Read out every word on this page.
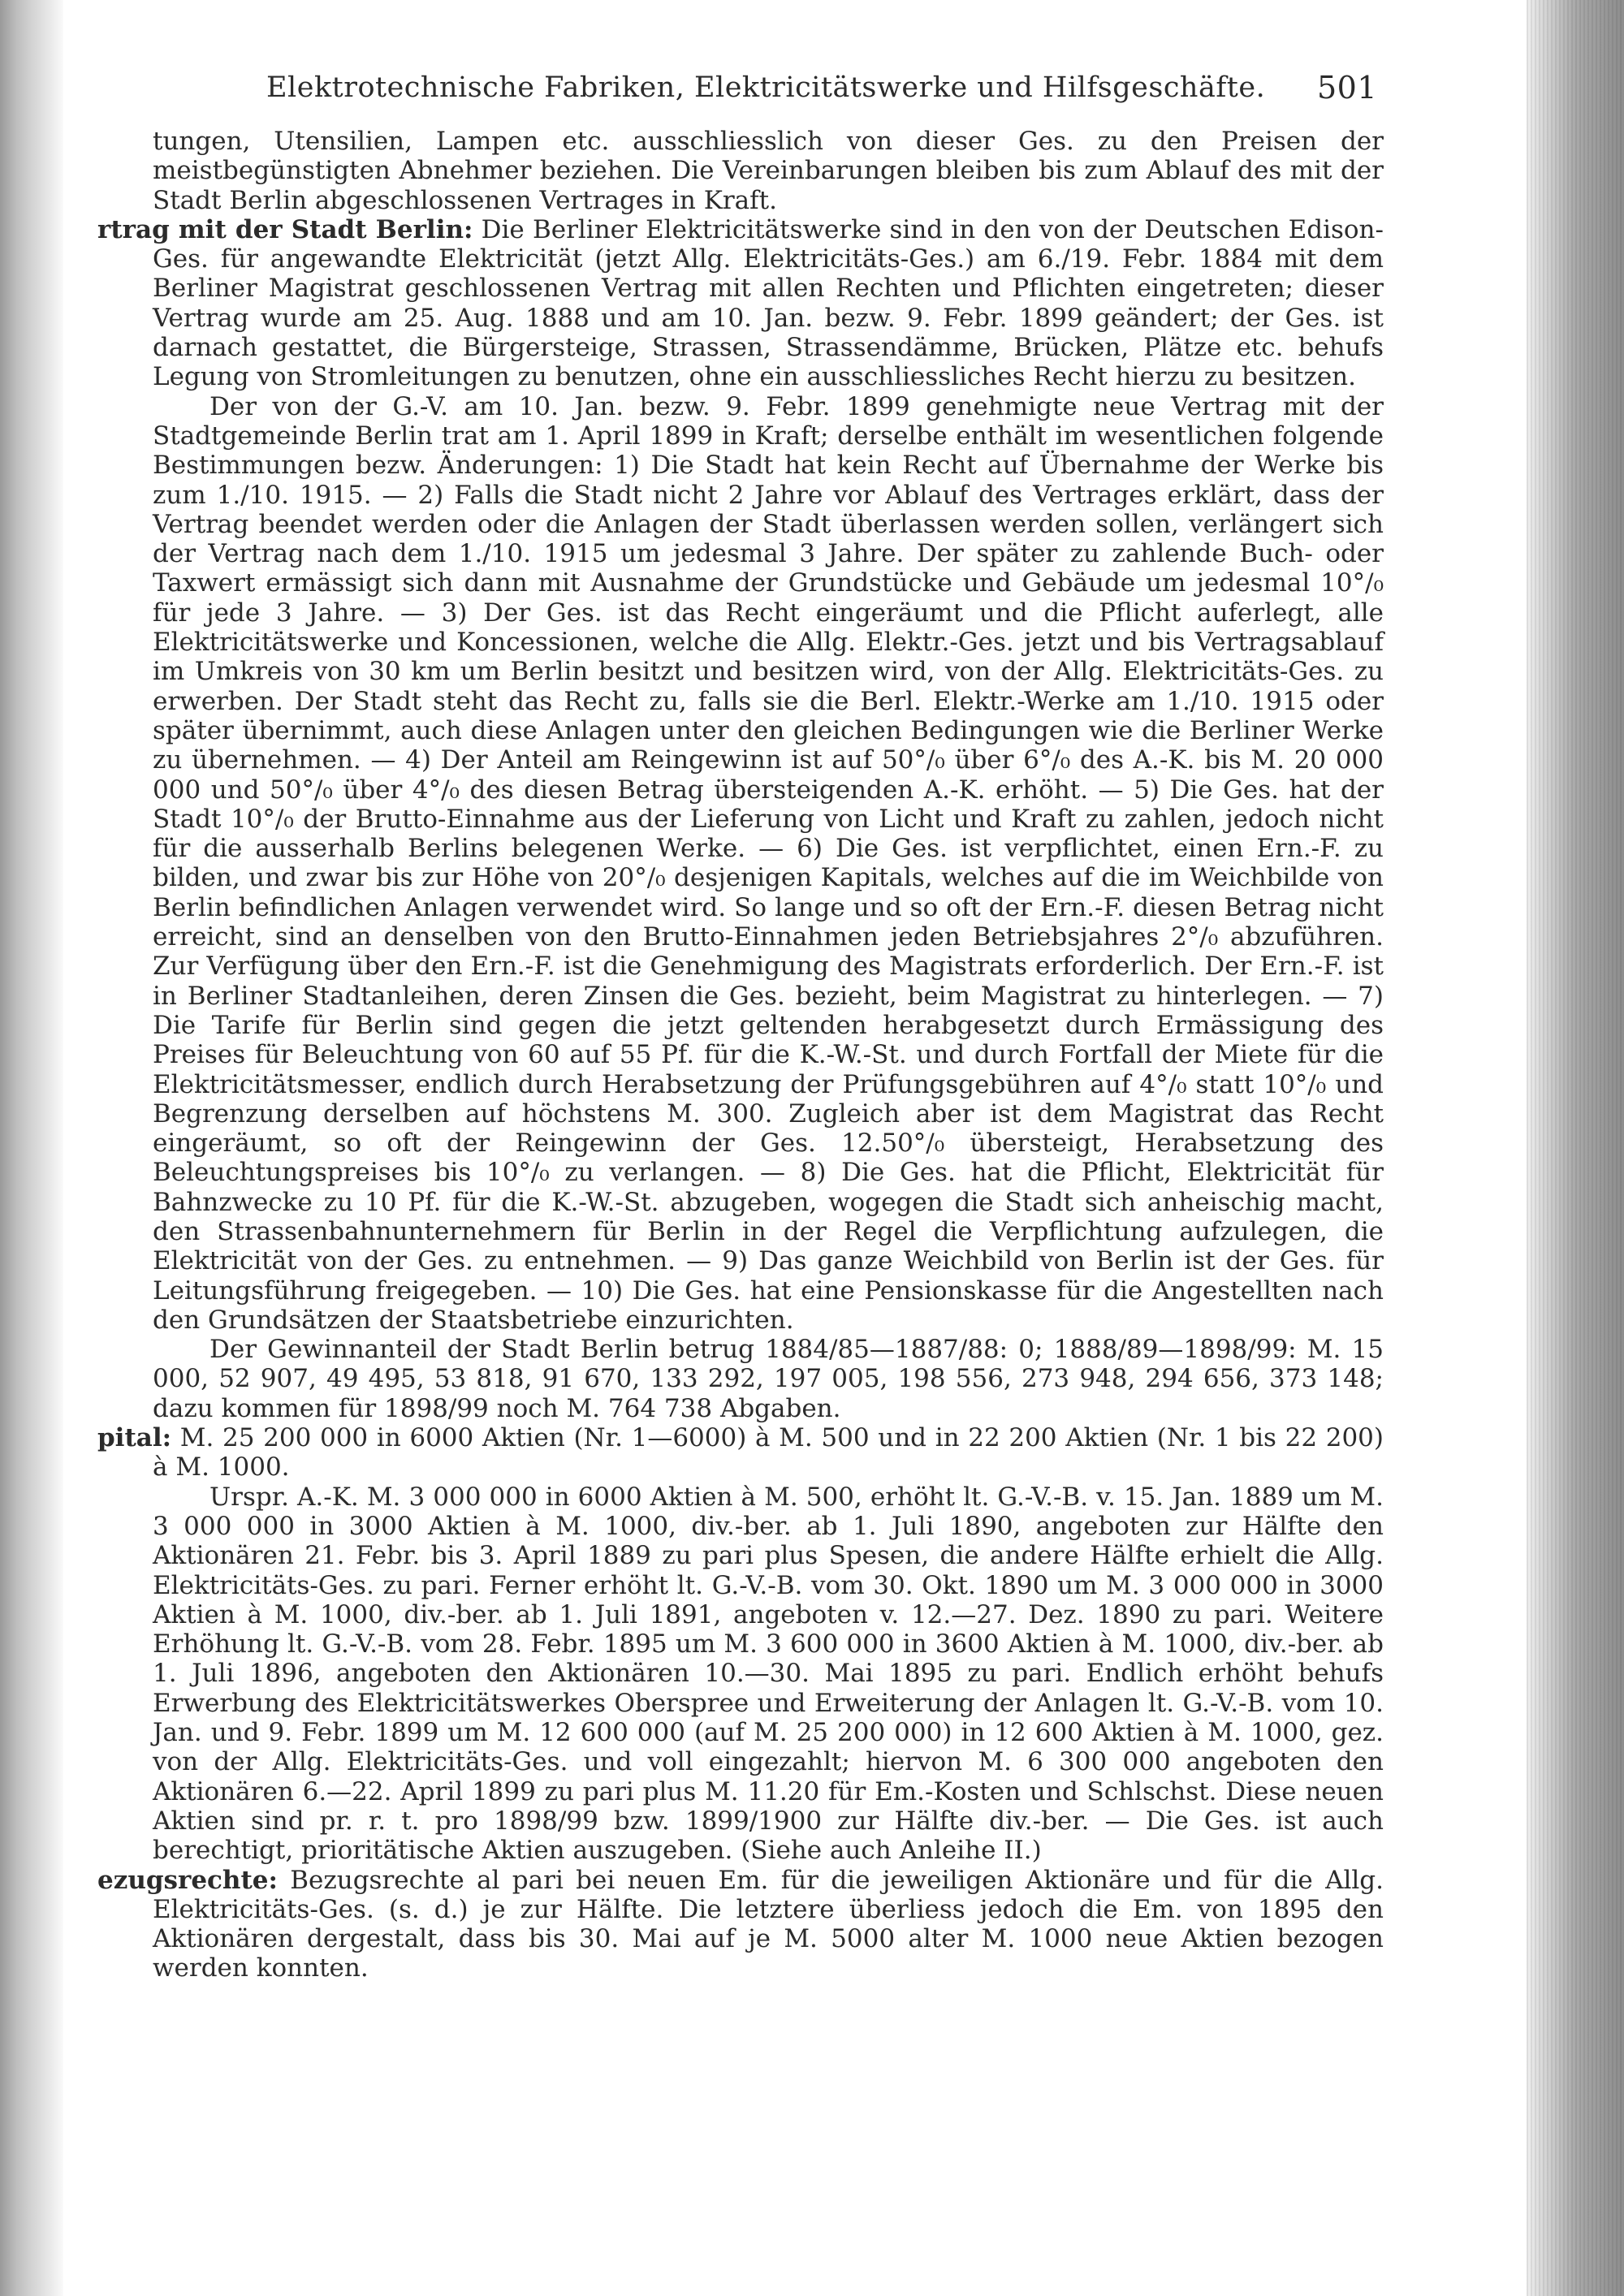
Elektrotechnische Fabriken, Elektricitätswerke und Hilfsgeschäfte. 501

tungen, Utensilien, Lampen etc. ausschliesslich von dieser Ges. zu den Preisen der meistbegünstigten Abnehmer beziehen. Die Vereinbarungen bleiben bis zum Ablauf des mit der Stadt Berlin abgeschlossenen Vertrages in Kraft.

rtrag mit der Stadt Berlin: Die Berliner Elektricitätswerke sind in den von der Deutschen Edison-Ges. für angewandte Elektricität (jetzt Allg. Elektricitäts-Ges.) am 6./19. Febr. 1884 mit dem Berliner Magistrat geschlossenen Vertrag mit allen Rechten und Pflichten eingetreten; dieser Vertrag wurde am 25. Aug. 1888 und am 10. Jan. bezw. 9. Febr. 1899 geändert; der Ges. ist darnach gestattet, die Bürgersteige, Strassen, Strassendämme, Brücken, Plätze etc. behufs Legung von Stromleitungen zu benutzen, ohne ein ausschliessliches Recht hierzu zu besitzen.

Der von der G.-V. am 10. Jan. bezw. 9. Febr. 1899 genehmigte neue Vertrag mit der Stadtgemeinde Berlin trat am 1. April 1899 in Kraft; derselbe enthält im wesentlichen folgende Bestimmungen bezw. Änderungen: 1) Die Stadt hat kein Recht auf Übernahme der Werke bis zum 1./10. 1915. — 2) Falls die Stadt nicht 2 Jahre vor Ablauf des Vertrages erklärt, dass der Vertrag beendet werden oder die Anlagen der Stadt überlassen werden sollen, verlängert sich der Vertrag nach dem 1./10. 1915 um jedesmal 3 Jahre. Der später zu zahlende Buch- oder Taxwert ermässigt sich dann mit Ausnahme der Grundstücke und Gebäude um jedesmal 10°/₀ für jede 3 Jahre. — 3) Der Ges. ist das Recht eingeräumt und die Pflicht auferlegt, alle Elektricitätswerke und Koncessionen, welche die Allg. Elektr.-Ges. jetzt und bis Vertragsablauf im Umkreis von 30 km um Berlin besitzt und besitzen wird, von der Allg. Elektricitäts-Ges. zu erwerben. Der Stadt steht das Recht zu, falls sie die Berl. Elektr.-Werke am 1./10. 1915 oder später übernimmt, auch diese Anlagen unter den gleichen Bedingungen wie die Berliner Werke zu übernehmen. — 4) Der Anteil am Reingewinn ist auf 50°/₀ über 6°/₀ des A.-K. bis M. 20 000 000 und 50°/₀ über 4°/₀ des diesen Betrag übersteigenden A.-K. erhöht. — 5) Die Ges. hat der Stadt 10°/₀ der Brutto-Einnahme aus der Lieferung von Licht und Kraft zu zahlen, jedoch nicht für die ausserhalb Berlins belegenen Werke. — 6) Die Ges. ist verpflichtet, einen Ern.-F. zu bilden, und zwar bis zur Höhe von 20°/₀ desjenigen Kapitals, welches auf die im Weichbilde von Berlin befindlichen Anlagen verwendet wird. So lange und so oft der Ern.-F. diesen Betrag nicht erreicht, sind an denselben von den Brutto-Einnahmen jeden Betriebsjahres 2°/₀ abzuführen. Zur Verfügung über den Ern.-F. ist die Genehmigung des Magistrats erforderlich. Der Ern.-F. ist in Berliner Stadtanleihen, deren Zinsen die Ges. bezieht, beim Magistrat zu hinterlegen. — 7) Die Tarife für Berlin sind gegen die jetzt geltenden herabgesetzt durch Ermässigung des Preises für Beleuchtung von 60 auf 55 Pf. für die K.-W.-St. und durch Fortfall der Miete für die Elektricitätsmesser, endlich durch Herabsetzung der Prüfungsgebühren auf 4°/₀ statt 10°/₀ und Begrenzung derselben auf höchstens M. 300. Zugleich aber ist dem Magistrat das Recht eingeräumt, so oft der Reingewinn der Ges. 12.50°/₀ übersteigt, Herabsetzung des Beleuchtungspreises bis 10°/₀ zu verlangen. — 8) Die Ges. hat die Pflicht, Elektricität für Bahnzwecke zu 10 Pf. für die K.-W.-St. abzugeben, wogegen die Stadt sich anheischig macht, den Strassenbahnunternehmern für Berlin in der Regel die Verpflichtung aufzulegen, die Elektricität von der Ges. zu entnehmen. — 9) Das ganze Weichbild von Berlin ist der Ges. für Leitungsführung freigegeben. — 10) Die Ges. hat eine Pensionskasse für die Angestellten nach den Grundsätzen der Staatsbetriebe einzurichten.

Der Gewinnanteil der Stadt Berlin betrug 1884/85—1887/88: 0; 1888/89—1898/99: M. 15 000, 52 907, 49 495, 53 818, 91 670, 133 292, 197 005, 198 556, 273 948, 294 656, 373 148; dazu kommen für 1898/99 noch M. 764 738 Abgaben.

pital: M. 25 200 000 in 6000 Aktien (Nr. 1—6000) à M. 500 und in 22 200 Aktien (Nr. 1 bis 22 200) à M. 1000.

Urspr. A.-K. M. 3 000 000 in 6000 Aktien à M. 500, erhöht lt. G.-V.-B. v. 15. Jan. 1889 um M. 3 000 000 in 3000 Aktien à M. 1000, div.-ber. ab 1. Juli 1890, angeboten zur Hälfte den Aktionären 21. Febr. bis 3. April 1889 zu pari plus Spesen, die andere Hälfte erhielt die Allg. Elektricitäts-Ges. zu pari. Ferner erhöht lt. G.-V.-B. vom 30. Okt. 1890 um M. 3 000 000 in 3000 Aktien à M. 1000, div.-ber. ab 1. Juli 1891, angeboten v. 12.—27. Dez. 1890 zu pari. Weitere Erhöhung lt. G.-V.-B. vom 28. Febr. 1895 um M. 3 600 000 in 3600 Aktien à M. 1000, div.-ber. ab 1. Juli 1896, angeboten den Aktionären 10.—30. Mai 1895 zu pari. Endlich erhöht behufs Erwerbung des Elektricitätswerkes Oberspree und Erweiterung der Anlagen lt. G.-V.-B. vom 10. Jan. und 9. Febr. 1899 um M. 12 600 000 (auf M. 25 200 000) in 12 600 Aktien à M. 1000, gez. von der Allg. Elektricitäts-Ges. und voll eingezahlt; hiervon M. 6 300 000 angeboten den Aktionären 6.—22. April 1899 zu pari plus M. 11.20 für Em.-Kosten und Schlschst. Diese neuen Aktien sind pr. r. t. pro 1898/99 bzw. 1899/1900 zur Hälfte div.-ber. — Die Ges. ist auch berechtigt, prioritätische Aktien auszugeben. (Siehe auch Anleihe II.)

ezugsrechte: Bezugsrechte al pari bei neuen Em. für die jeweiligen Aktionäre und für die Allg. Elektricitäts-Ges. (s. d.) je zur Hälfte. Die letztere überliess jedoch die Em. von 1895 den Aktionären dergestalt, dass bis 30. Mai auf je M. 5000 alter M. 1000 neue Aktien bezogen werden konnten.
